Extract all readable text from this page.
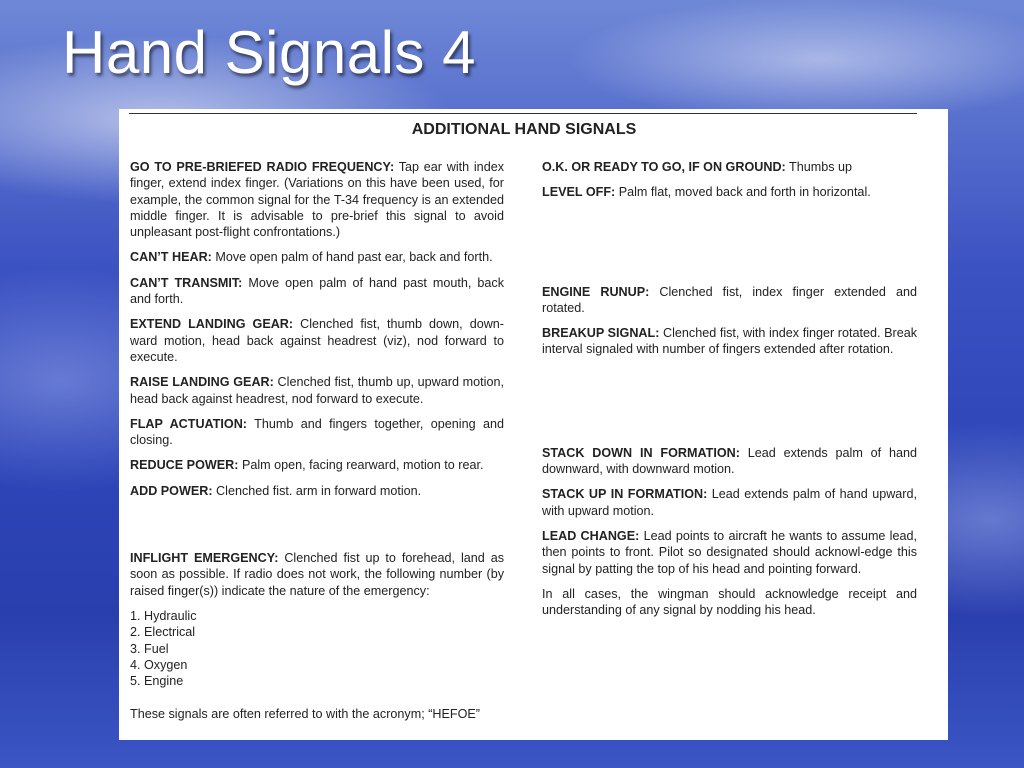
Hand Signals 4
ADDITIONAL HAND SIGNALS
GO TO PRE-BRIEFED RADIO FREQUENCY: Tap ear with index finger, extend index finger. (Variations on this have been used, for example, the common signal for the T-34 frequency is an extended middle finger. It is advisable to pre-brief this signal to avoid unpleasant post-flight confrontations.)
CAN’T HEAR: Move open palm of hand past ear, back and forth.
CAN’T TRANSMIT: Move open palm of hand past mouth, back and forth.
EXTEND LANDING GEAR: Clenched fist, thumb down, down-ward motion, head back against headrest (viz), nod forward to execute.
RAISE LANDING GEAR: Clenched fist, thumb up, upward motion, head back against headrest, nod forward to execute.
FLAP ACTUATION: Thumb and fingers together, opening and closing.
REDUCE POWER: Palm open, facing rearward, motion to rear.
ADD POWER: Clenched fist. arm in forward motion.
INFLIGHT EMERGENCY: Clenched fist up to forehead, land as soon as possible. If radio does not work, the following number (by raised finger(s)) indicate the nature of the emergency:
1. Hydraulic
2. Electrical
3. Fuel
4. Oxygen
5. Engine
These signals are often referred to with the acronym; “HEFOE”
O.K. OR READY TO GO, IF ON GROUND: Thumbs up
LEVEL OFF: Palm flat, moved back and forth in horizontal.
ENGINE RUNUP: Clenched fist, index finger extended and rotated.
BREAKUP SIGNAL: Clenched fist, with index finger rotated. Break interval signaled with number of fingers extended after rotation.
STACK DOWN IN FORMATION: Lead extends palm of hand downward, with downward motion.
STACK UP IN FORMATION: Lead extends palm of hand upward, with upward motion.
LEAD CHANGE: Lead points to aircraft he wants to assume lead, then points to front. Pilot so designated should acknowl-edge this signal by patting the top of his head and pointing forward.
In all cases, the wingman should acknowledge receipt and understanding of any signal by nodding his head.
